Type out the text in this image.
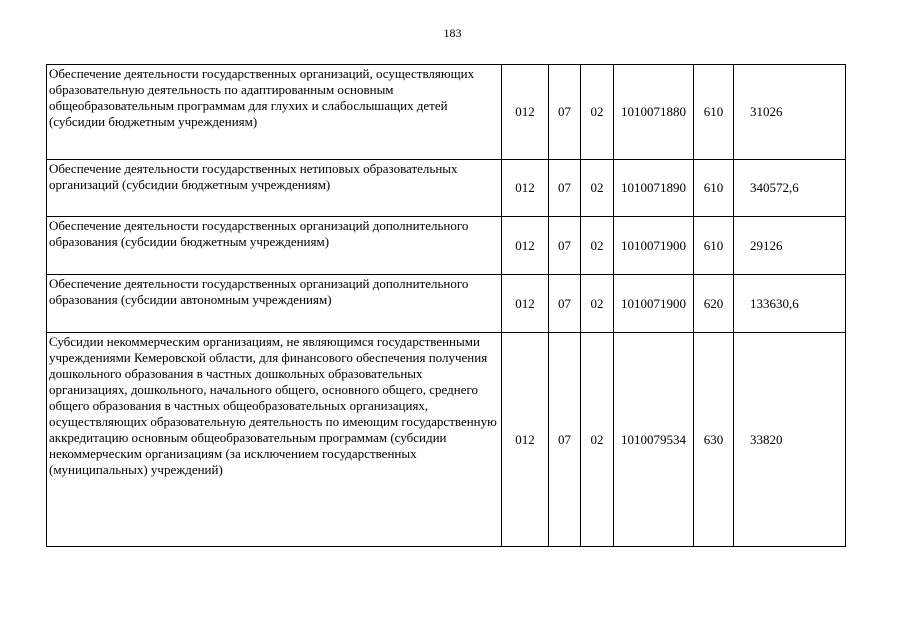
183
Обеспечение деятельности государственных организаций, осуществляющих образовательную деятельность по адаптированным основным общеобразовательным программам для глухих и слабослышащих детей (субсидии бюджетным учреждениям)	012	07	02	1010071880	610	31026
Обеспечение деятельности государственных нетиповых образовательных организаций (субсидии бюджетным учреждениям)	012	07	02	1010071890	610	340572,6
Обеспечение деятельности государственных организаций дополнительного образования (субсидии бюджетным учреждениям)	012	07	02	1010071900	610	29126
Обеспечение деятельности государственных организаций дополнительного образования (субсидии автономным учреждениям)	012	07	02	1010071900	620	133630,6
Субсидии некоммерческим организациям, не являющимся государственными учреждениями Кемеровской области, для финансового обеспечения получения дошкольного образования в частных дошкольных образовательных организациях, дошкольного, начального общего, основного общего, среднего общего образования в частных общеобразовательных организациях, осуществляющих образовательную деятельность по имеющим государственную аккредитацию основным общеобразовательным программам (субсидии некоммерческим организациям (за исключением государственных (муниципальных) учреждений)	012	07	02	1010079534	630	33820
